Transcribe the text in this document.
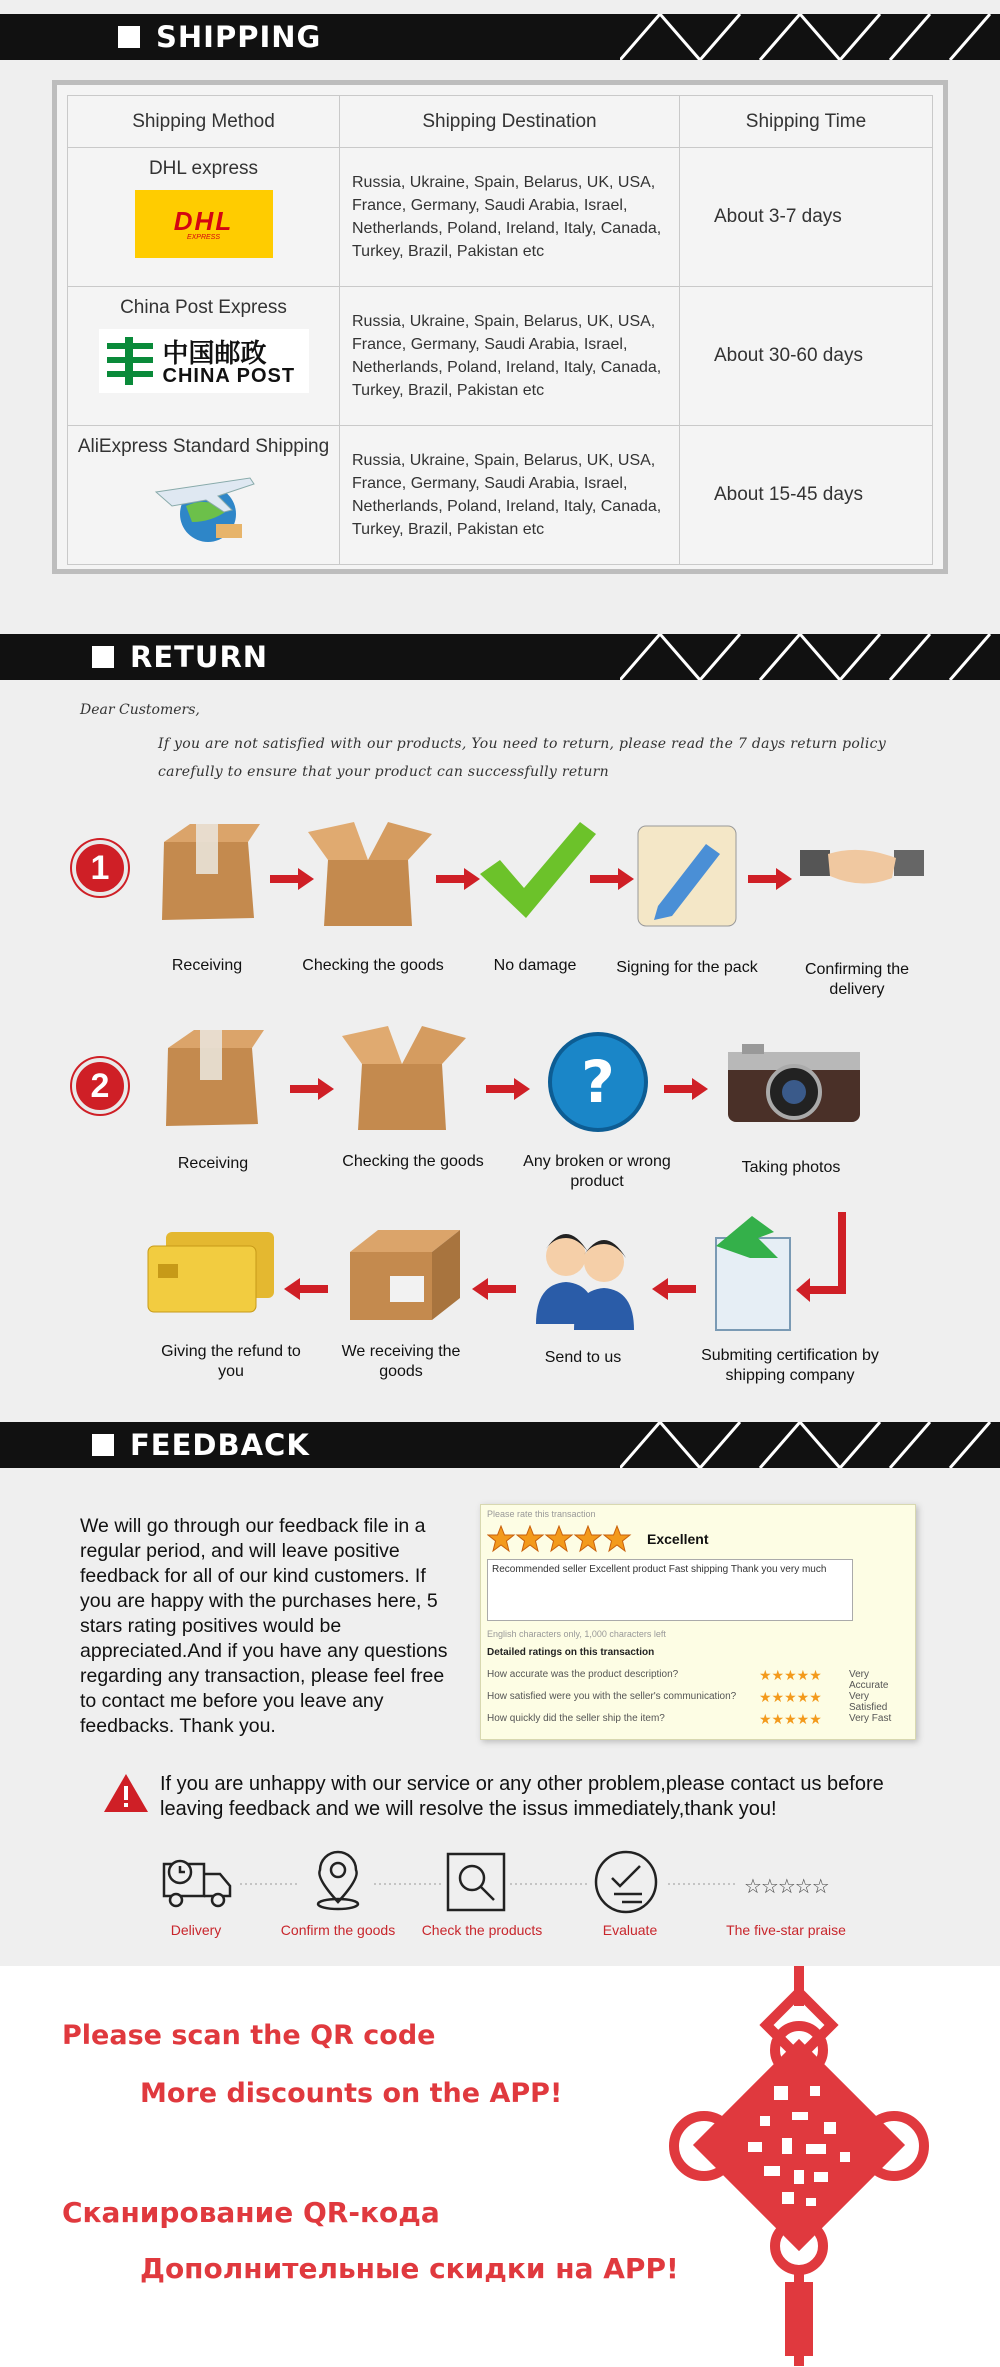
SHIPPING
Shipping Method	Shipping Destination	Shipping Time

DHL express
DHL
EXPRESS	Russia, Ukraine, Spain, Belarus, UK, USA, France, Germany, Saudi Arabia, Israel, Netherlands, Poland, Ireland, Italy, Canada, Turkey, Brazil, Pakistan etc	About 3-7 days

China Post Express
中国邮政
CHINA POST	Russia, Ukraine, Spain, Belarus, UK, USA, France, Germany, Saudi Arabia, Israel, Netherlands, Poland, Ireland, Italy, Canada, Turkey, Brazil, Pakistan etc	About 30-60 days

AliExpress Standard Shipping	Russia, Ukraine, Spain, Belarus, UK, USA, France, Germany, Saudi Arabia, Israel, Netherlands, Poland, Ireland, Italy, Canada, Turkey, Brazil, Pakistan etc	About 15-45 days
RETURN
Dear Customers,
If you are not satisfied with our products, You need to return, please read the 7 days return policy carefully to ensure that your product can successfully return
1
Receiving	Checking the goods	No damage	Signing for the pack	Confirming the delivery
2	?
Receiving	Checking the goods Any broken or wrong product
Taking photos
Giving the refund to you
We receiving the goods
Send to us	Submiting certification by shipping company
FEEDBACK
We will go through our feedback file in a regular period, and will leave positive feedback for all of our kind customers. If you are happy with the purchases here, 5 stars rating positives would be appreciated.And if you have any questions regarding any transaction, please feel free to contact me before you leave any feedbacks. Thank you.
Please rate this transaction
Excellent
Recommended seller Excellent product Fast shipping Thank you very much
English characters only, 1,000 characters left
Detailed ratings on this transaction
How accurate was the product description?	★★★★★	Very Accurate
How satisfied were you with the seller's communication? ★★★★★	Very Satisfied
How quickly did the seller ship the item?	★★★★★	Very Fast
If you are unhappy with our service or any other problem,please contact us before leaving feedback and we will resolve the issus immediately,thank you!
☆☆☆☆☆
Delivery	Confirm the goods	Check the products	Evaluate	The five-star praise
Please scan the QR code
More discounts on the APP!
Сканирование QR-кода
Дополнительные скидки на APP!
